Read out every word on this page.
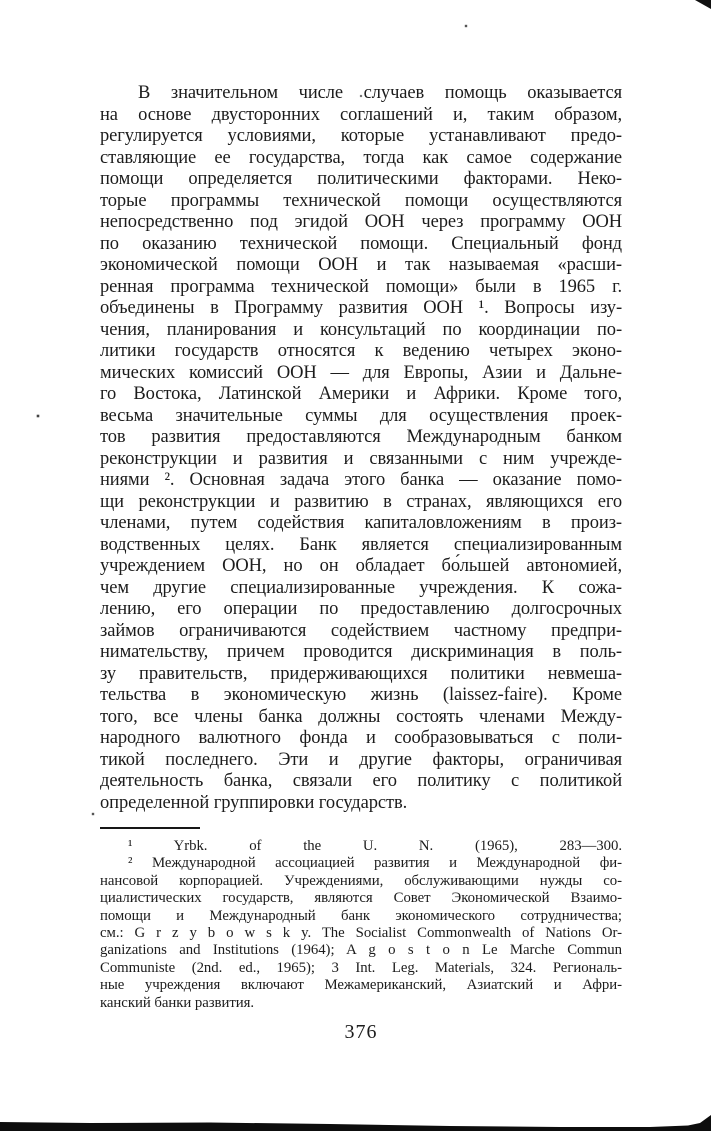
В значительном числе случаев помощь оказывается
на основе двусторонних соглашений и, таким образом,
регулируется условиями, которые устанавливают предо-
ставляющие ее государства, тогда как самое содержание
помощи определяется политическими факторами. Неко-
торые программы технической помощи осуществляются
непосредственно под эгидой ООН через программу ООН
по оказанию технической помощи. Специальный фонд
экономической помощи ООН и так называемая «расши-
ренная программа технической помощи» были в 1965 г.
объединены в Программу развития ООН ¹. Вопросы изу-
чения, планирования и консультаций по координации по-
литики государств относятся к ведению четырех эконо-
мических комиссий ООН — для Европы, Азии и Дальне-
го Востока, Латинской Америки и Африки. Кроме того,
весьма значительные суммы для осуществления проек-
тов развития предоставляются Международным банком
реконструкции и развития и связанными с ним учрежде-
ниями ². Основная задача этого банка — оказание помо-
щи реконструкции и развитию в странах, являющихся его
членами, путем содействия капиталовложениям в произ-
водственных целях. Банк является специализированным
учреждением ООН, но он обладает бо́льшей автономией,
чем другие специализированные учреждения. К сожа-
лению, его операции по предоставлению долгосрочных
займов ограничиваются содействием частному предпри-
нимательству, причем проводится дискриминация в поль-
зу правительств, придерживающихся политики невмеша-
тельства в экономическую жизнь (laissez-faire). Кроме
того, все члены банка должны состоять членами Между-
народного валютного фонда и сообразовываться с поли-
тикой последнего. Эти и другие факторы, ограничивая
деятельность банка, связали его политику с политикой
определенной группировки государств.
¹ Yrbk. of the U. N. (1965), 283—300.
² Международной ассоциацией развития и Международной фи-
нансовой корпорацией. Учреждениями, обслуживающими нужды со-
циалистических государств, являются Совет Экономической Взаимо-
помощи и Международный банк экономического сотрудничества;
см.: G r z y b o w s k y. The Socialist Commonwealth of Nations Or-
ganizations and Institutions (1964); A g o s t o n Le Marche Commun
Communiste (2nd. ed., 1965); 3 Int. Leg. Materials, 324. Региональ-
ные учреждения включают Межамериканский, Азиатский и Афри-
канский банки развития.
376
